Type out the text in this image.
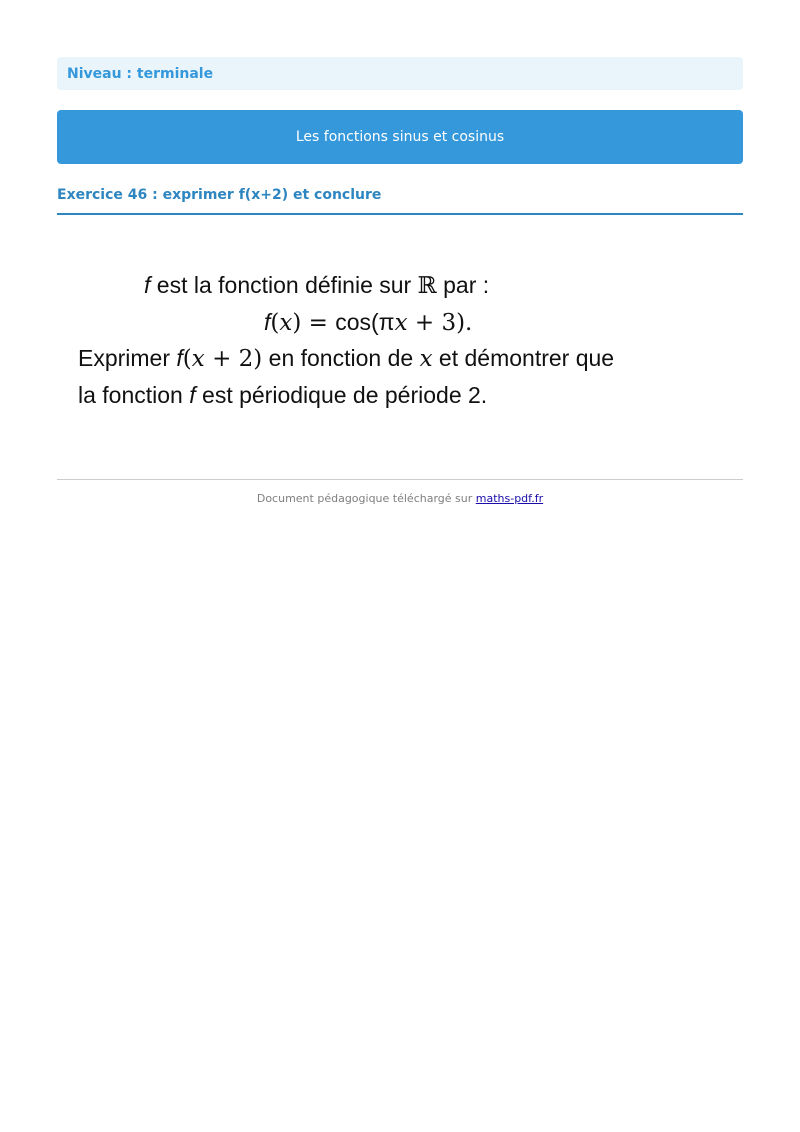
Niveau : terminale
Les fonctions sinus et cosinus
Exercice 46 : exprimer f(x+2) et conclure
f est la fonction définie sur ℝ par :
f(x) = cos(πx + 3).
Exprimer f(x + 2) en fonction de x et démontrer que
la fonction f est périodique de période 2.
Document pédagogique téléchargé sur maths-pdf.fr
